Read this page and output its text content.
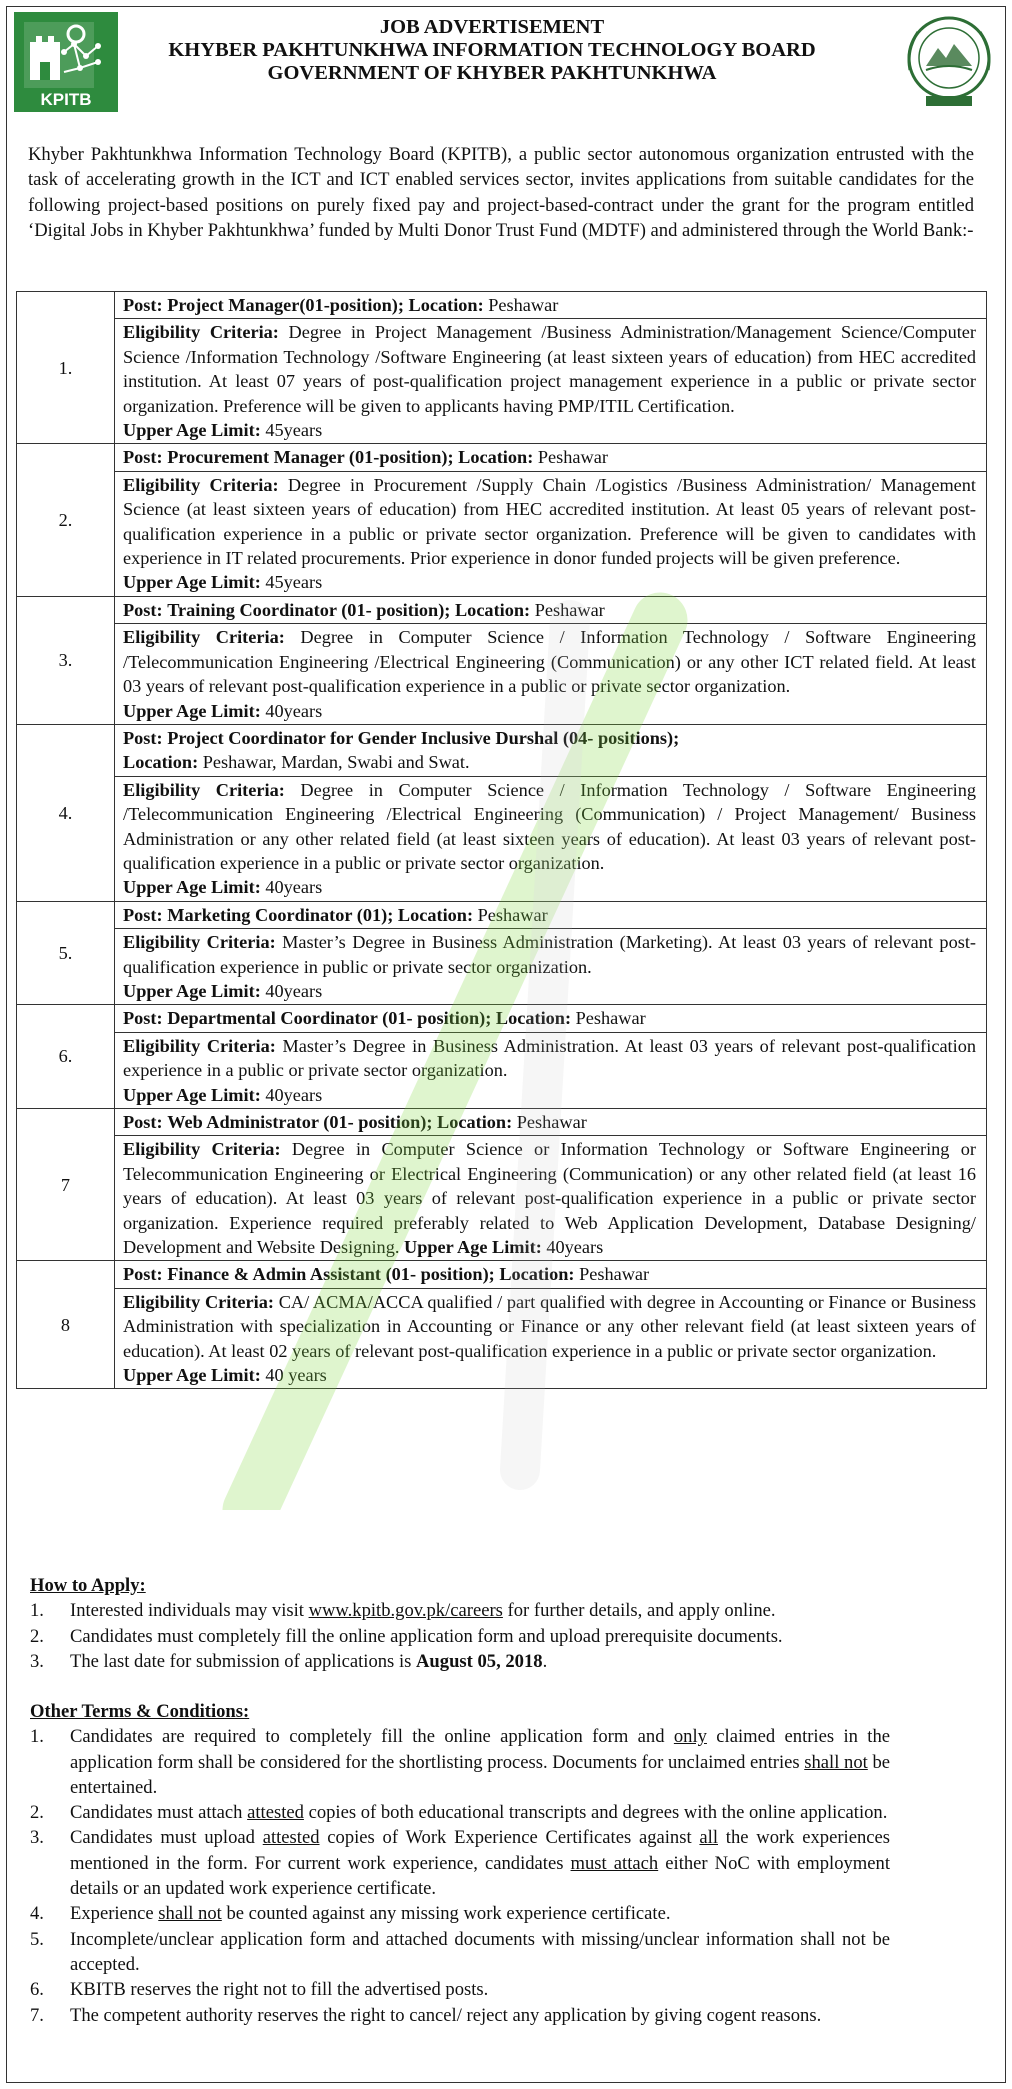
KPITB
JOB ADVERTISEMENT
KHYBER PAKHTUNKHWA INFORMATION TECHNOLOGY BOARD
GOVERNMENT OF KHYBER PAKHTUNKHWA
Khyber Pakhtunkhwa Information Technology Board (KPITB), a public sector autonomous organization entrusted with the task of accelerating growth in the ICT and ICT enabled services sector, invites applications from suitable candidates for the following project-based positions on purely fixed pay and project-based-contract under the grant for the program entitled ‘Digital Jobs in Khyber Pakhtunkhwa’ funded by Multi Donor Trust Fund (MDTF) and administered through the World Bank:-
1.	Post: Project Manager(01-position); Location: Peshawar
	Eligibility Criteria: Degree in Project Management /Business Administration/Management Science/Computer Science /Information Technology /Software Engineering (at least sixteen years of education) from HEC accredited institution. At least 07 years of post-qualification project management experience in a public or private sector organization. Preference will be given to applicants having PMP/ITIL Certification.
Upper Age Limit: 45years
2.	Post: Procurement Manager (01-position); Location: Peshawar
	Eligibility Criteria: Degree in Procurement /Supply Chain /Logistics /Business Administration/ Management Science (at least sixteen years of education) from HEC accredited institution. At least 05 years of relevant post-qualification experience in a public or private sector organization. Preference will be given to candidates with experience in IT related procurements. Prior experience in donor funded projects will be given preference.
Upper Age Limit: 45years
3.	Post: Training Coordinator (01- position); Location: Peshawar
	Eligibility Criteria: Degree in Computer Science / Information Technology / Software Engineering /Telecommunication Engineering /Electrical Engineering (Communication) or any other ICT related field. At least 03 years of relevant post-qualification experience in a public or private sector organization.
Upper Age Limit: 40years
4.	Post: Project Coordinator for Gender Inclusive Durshal (04- positions);
Location: Peshawar, Mardan, Swabi and Swat.
	Eligibility Criteria: Degree in Computer Science / Information Technology / Software Engineering /Telecommunication Engineering /Electrical Engineering (Communication) / Project Management/ Business Administration or any other related field (at least sixteen years of education). At least 03 years of relevant post-qualification experience in a public or private sector organization.
Upper Age Limit: 40years
5.	Post: Marketing Coordinator (01); Location: Peshawar
	Eligibility Criteria: Master’s Degree in Business Administration (Marketing). At least 03 years of relevant post-qualification experience in public or private sector organization.
Upper Age Limit: 40years
6.	Post: Departmental Coordinator (01- position); Location: Peshawar
	Eligibility Criteria: Master’s Degree in Business Administration. At least 03 years of relevant post-qualification experience in a public or private sector organization.
Upper Age Limit: 40years
7	Post: Web Administrator (01- position); Location: Peshawar
	Eligibility Criteria: Degree in Computer Science or Information Technology or Software Engineering or Telecommunication Engineering or Electrical Engineering (Communication) or any other related field (at least 16 years of education). At least 03 years of relevant post-qualification experience in a public or private sector organization. Experience required preferably related to Web Application Development, Database Designing/ Development and Website Designing. Upper Age Limit: 40years
8	Post: Finance & Admin Assistant (01- position); Location: Peshawar
	Eligibility Criteria: CA/ ACMA/ACCA qualified / part qualified with degree in Accounting or Finance or Business Administration with specialization in Accounting or Finance or any other relevant field (at least sixteen years of education). At least 02 years of relevant post-qualification experience in a public or private sector organization.
Upper Age Limit: 40 years
How to Apply:
1.	Interested individuals may visit www.kpitb.gov.pk/careers for further details, and apply online.
2.	Candidates must completely fill the online application form and upload prerequisite documents.
3.	The last date for submission of applications is August 05, 2018.
Other Terms & Conditions:
1.	Candidates are required to completely fill the online application form and only claimed entries in the application form shall be considered for the shortlisting process. Documents for unclaimed entries shall not be entertained.
2.	Candidates must attach attested copies of both educational transcripts and degrees with the online application.
3.	Candidates must upload attested copies of Work Experience Certificates against all the work experiences mentioned in the form. For current work experience, candidates must attach either NoC with employment details or an updated work experience certificate.
4.	Experience shall not be counted against any missing work experience certificate.
5.	Incomplete/unclear application form and attached documents with missing/unclear information shall not be accepted.
6.	KBITB reserves the right not to fill the advertised posts.
7.	The competent authority reserves the right to cancel/ reject any application by giving cogent reasons.
